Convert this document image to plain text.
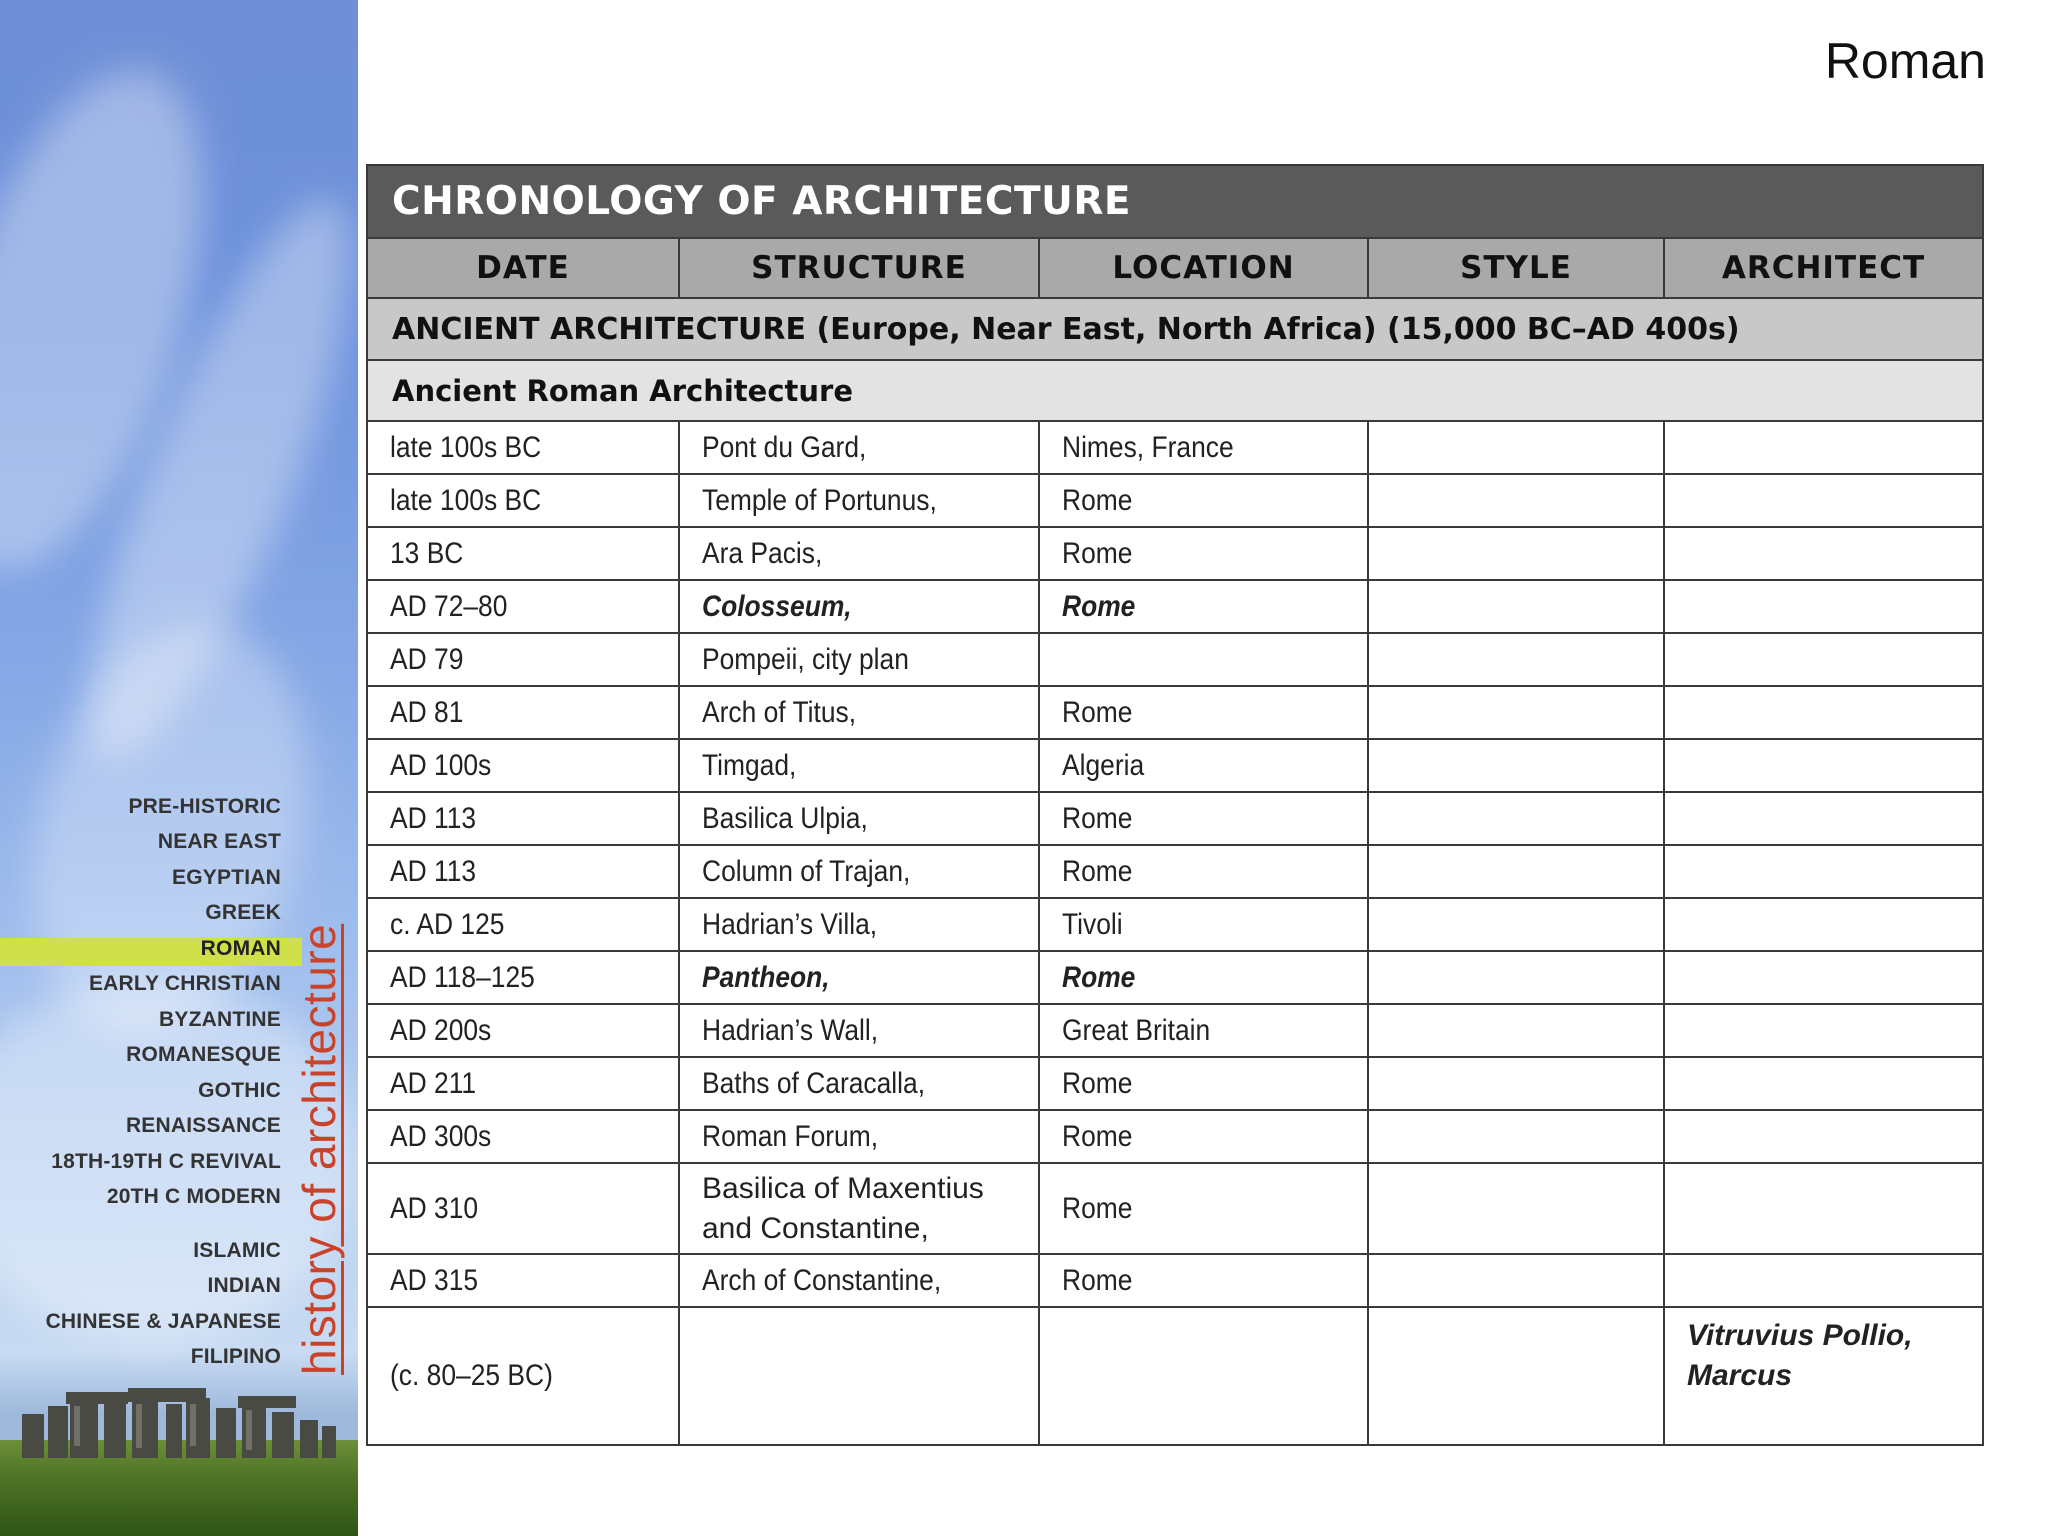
PRE-HISTORIC
NEAR EAST
EGYPTIAN
GREEK
ROMAN
EARLY CHRISTIAN
BYZANTINE
ROMANESQUE
GOTHIC
RENAISSANCE
18TH-19TH C REVIVAL
20TH C MODERN
ISLAMIC
INDIAN
CHINESE & JAPANESE
FILIPINO history of architecture
Roman
CHRONOLOGY OF ARCHITECTURE				
DATE	STRUCTURE	LOCATION	STYLE	ARCHITECT
ANCIENT ARCHITECTURE (Europe, Near East, North Africa) (15,000 BC–AD 400s)				
Ancient Roman Architecture				
late 100s BC	Pont du Gard,	Nimes, France		
late 100s BC	Temple of Portunus,	Rome		
13 BC	Ara Pacis,	Rome		
AD 72–80	Colosseum,	Rome		
AD 79	Pompeii, city plan			
AD 81	Arch of Titus,	Rome		
AD 100s	Timgad,	Algeria		
AD 113	Basilica Ulpia,	Rome		
AD 113	Column of Trajan,	Rome		
c. AD 125	Hadrian’s Villa,	Tivoli		
AD 118–125	Pantheon,	Rome		
AD 200s	Hadrian’s Wall,	Great Britain		
AD 211	Baths of Caracalla,	Rome		
AD 300s	Roman Forum,	Rome		
AD 310	Basilica of Maxentius and Constantine,	Rome		
AD 315	Arch of Constantine,	Rome		
(c. 80–25 BC)				Vitruvius Pollio, Marcus
